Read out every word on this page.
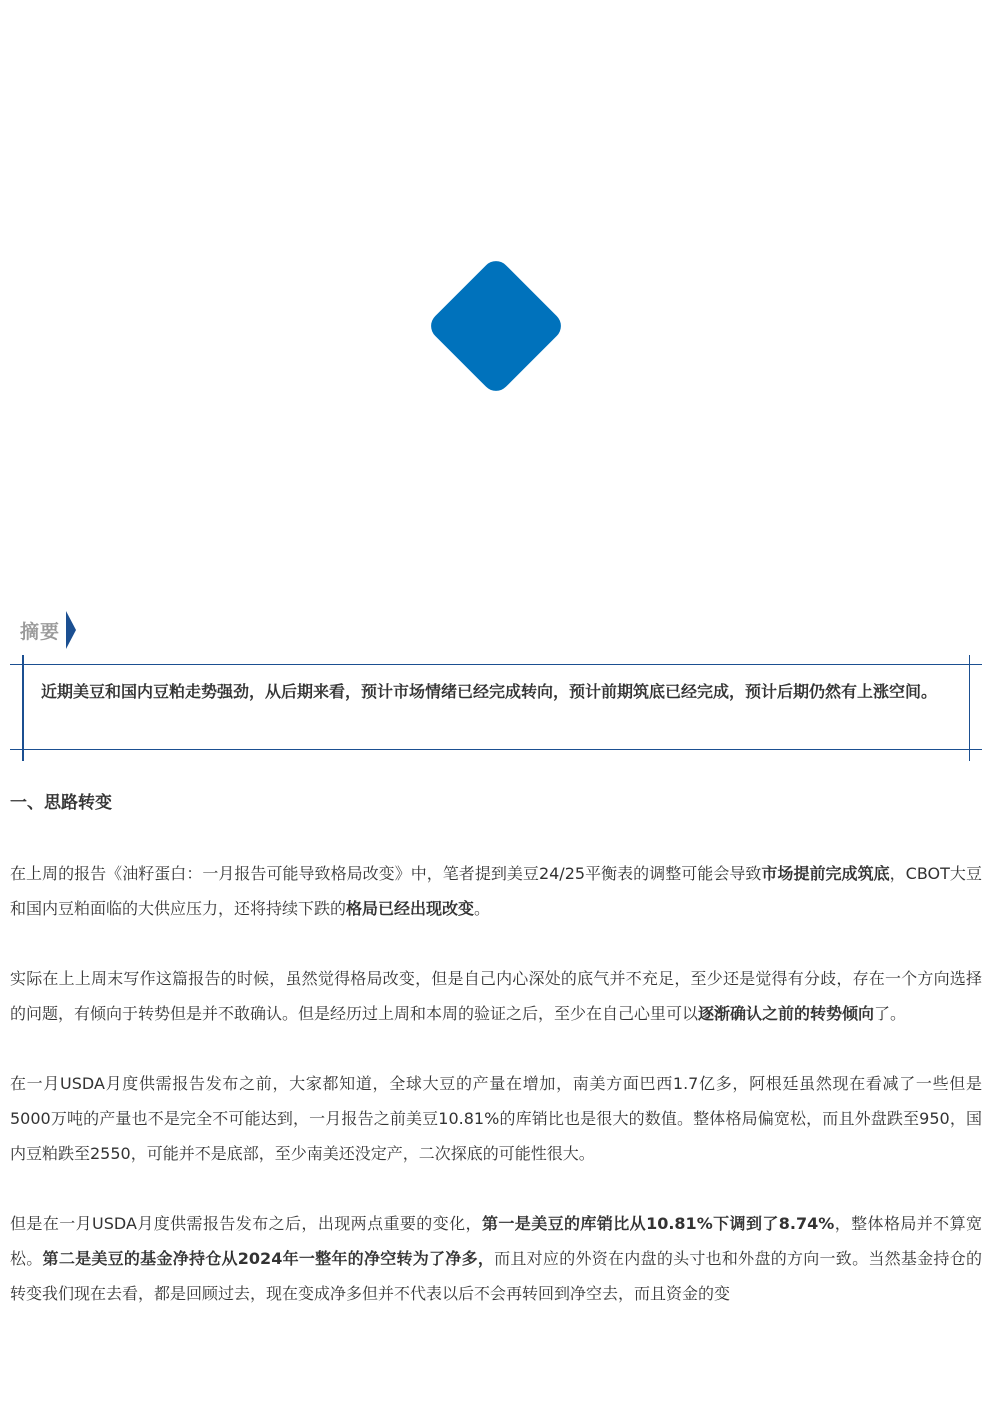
摘要

近期美豆和国内豆粕走势强劲，从后期来看，预计市场情绪已经完成转向，预计前期筑底已经完成，预计后期仍然有上涨空间。

一、思路转变

在上周的报告《油籽蛋白：一月报告可能导致格局改变》中，笔者提到美豆24/25平衡表的调整可能会导致市场提前完成筑底，CBOT大豆和国内豆粕面临的大供应压力，还将持续下跌的格局已经出现改变。

实际在上上周末写作这篇报告的时候，虽然觉得格局改变，但是自己内心深处的底气并不充足，至少还是觉得有分歧，存在一个方向选择的问题，有倾向于转势但是并不敢确认。但是经历过上周和本周的验证之后，至少在自己心里可以逐渐确认之前的转势倾向了。

在一月USDA月度供需报告发布之前，大家都知道，全球大豆的产量在增加，南美方面巴西1.7亿多，阿根廷虽然现在看减了一些但是5000万吨的产量也不是完全不可能达到，一月报告之前美豆10.81%的库销比也是很大的数值。整体格局偏宽松，而且外盘跌至950，国内豆粕跌至2550，可能并不是底部，至少南美还没定产，二次探底的可能性很大。

但是在一月USDA月度供需报告发布之后，出现两点重要的变化，第一是美豆的库销比从10.81%下调到了8.74%，整体格局并不算宽松。第二是美豆的基金净持仓从2024年一整年的净空转为了净多，而且对应的外资在内盘的头寸也和外盘的方向一致。当然基金持仓的转变我们现在去看，都是回顾过去，现在变成净多但并不代表以后不会再转回到净空去，而且资金的变
